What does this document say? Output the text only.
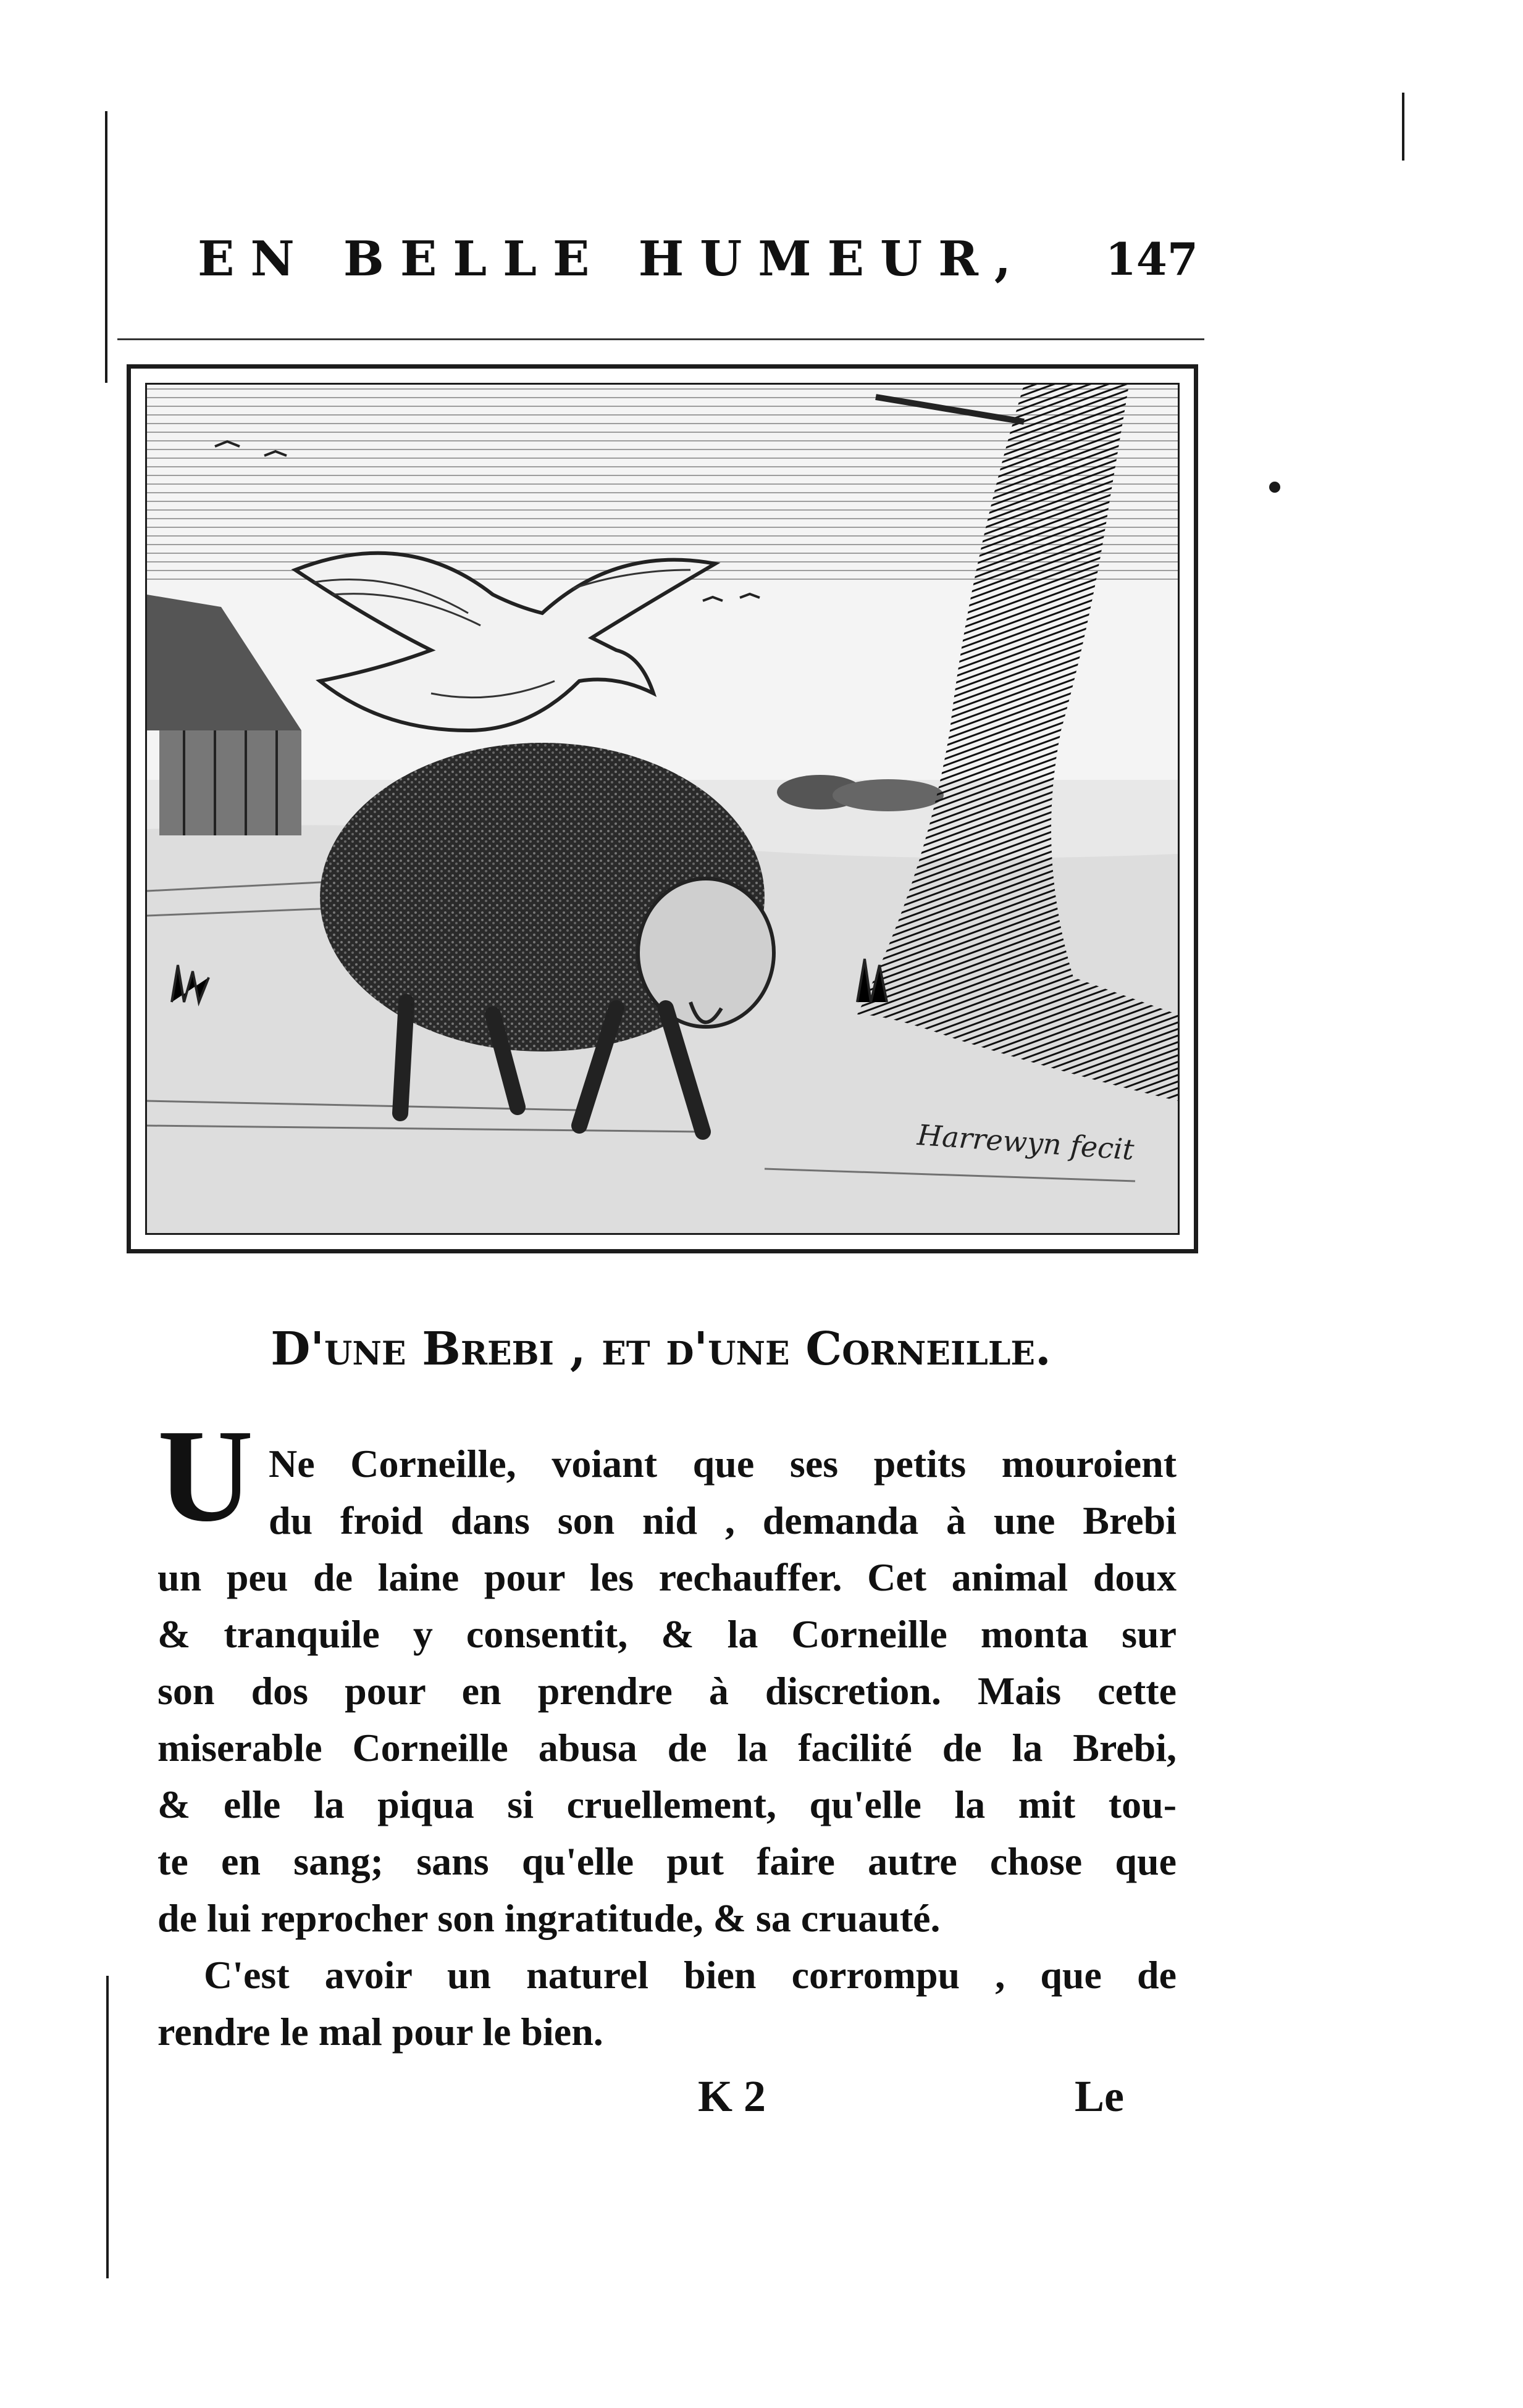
EN BELLE HUMEUR,	147
Harrewyn fecit
D'une Brebi , et d'une Corneille.
U Ne Corneille, voiant que ses petits mouroient
du froid dans son nid , demanda à une Brebi
un peu de laine pour les rechauffer. Cet animal doux
& tranquile y consentit, & la Corneille monta sur
son dos pour en prendre à discretion. Mais cette
miserable Corneille abusa de la facilité de la Brebi,
& elle la piqua si cruellement, qu'elle la mit tou-
te en sang; sans qu'elle put faire autre chose que
de lui reprocher son ingratitude, & sa cruauté.
C'est avoir un naturel bien corrompu , que de
rendre le mal pour le bien.
K 2	Le
